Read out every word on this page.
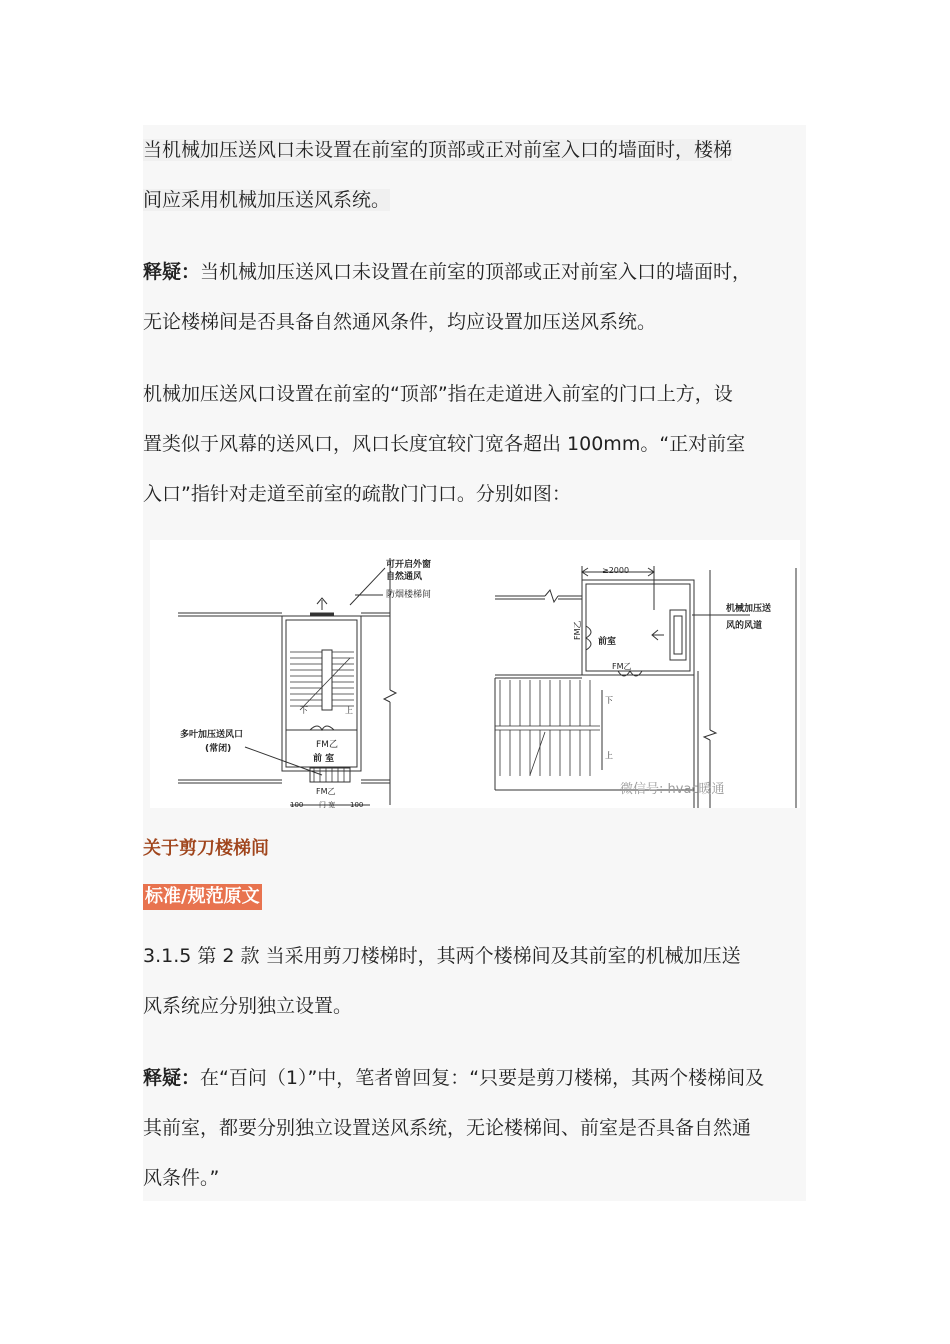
当机械加压送风口未设置在前室的顶部或正对前室入口的墙面时，楼梯
间应采用机械加压送风系统。

释疑：当机械加压送风口未设置在前室的顶部或正对前室入口的墙面时，
无论楼梯间是否具备自然通风条件，均应设置加压送风系统。

机械加压送风口设置在前室的“顶部”指在走道进入前室的门口上方，设
置类似于风幕的送风口，风口长度宜较门宽各超出 100mm。“正对前室
入口”指针对走道至前室的疏散门门口。分别如图：

可开启外窗
自然通风
防烟楼梯间
下	上
多叶加压送风口
(常闭)	FM乙
前 室
FM乙
门 宽
100	100
≥2000
前室
FM乙
FM乙
机械加压送
风的风道
下
上
微信号: hvac暖通
关于剪刀楼梯间
标准/规范原文

3.1.5 第 2 款 当采用剪刀楼梯时，其两个楼梯间及其前室的机械加压送
风系统应分别独立设置。

释疑：在“百问（1）”中，笔者曾回复：“只要是剪刀楼梯，其两个楼梯间及
其前室，都要分别独立设置送风系统，无论楼梯间、前室是否具备自然通
风条件。”
